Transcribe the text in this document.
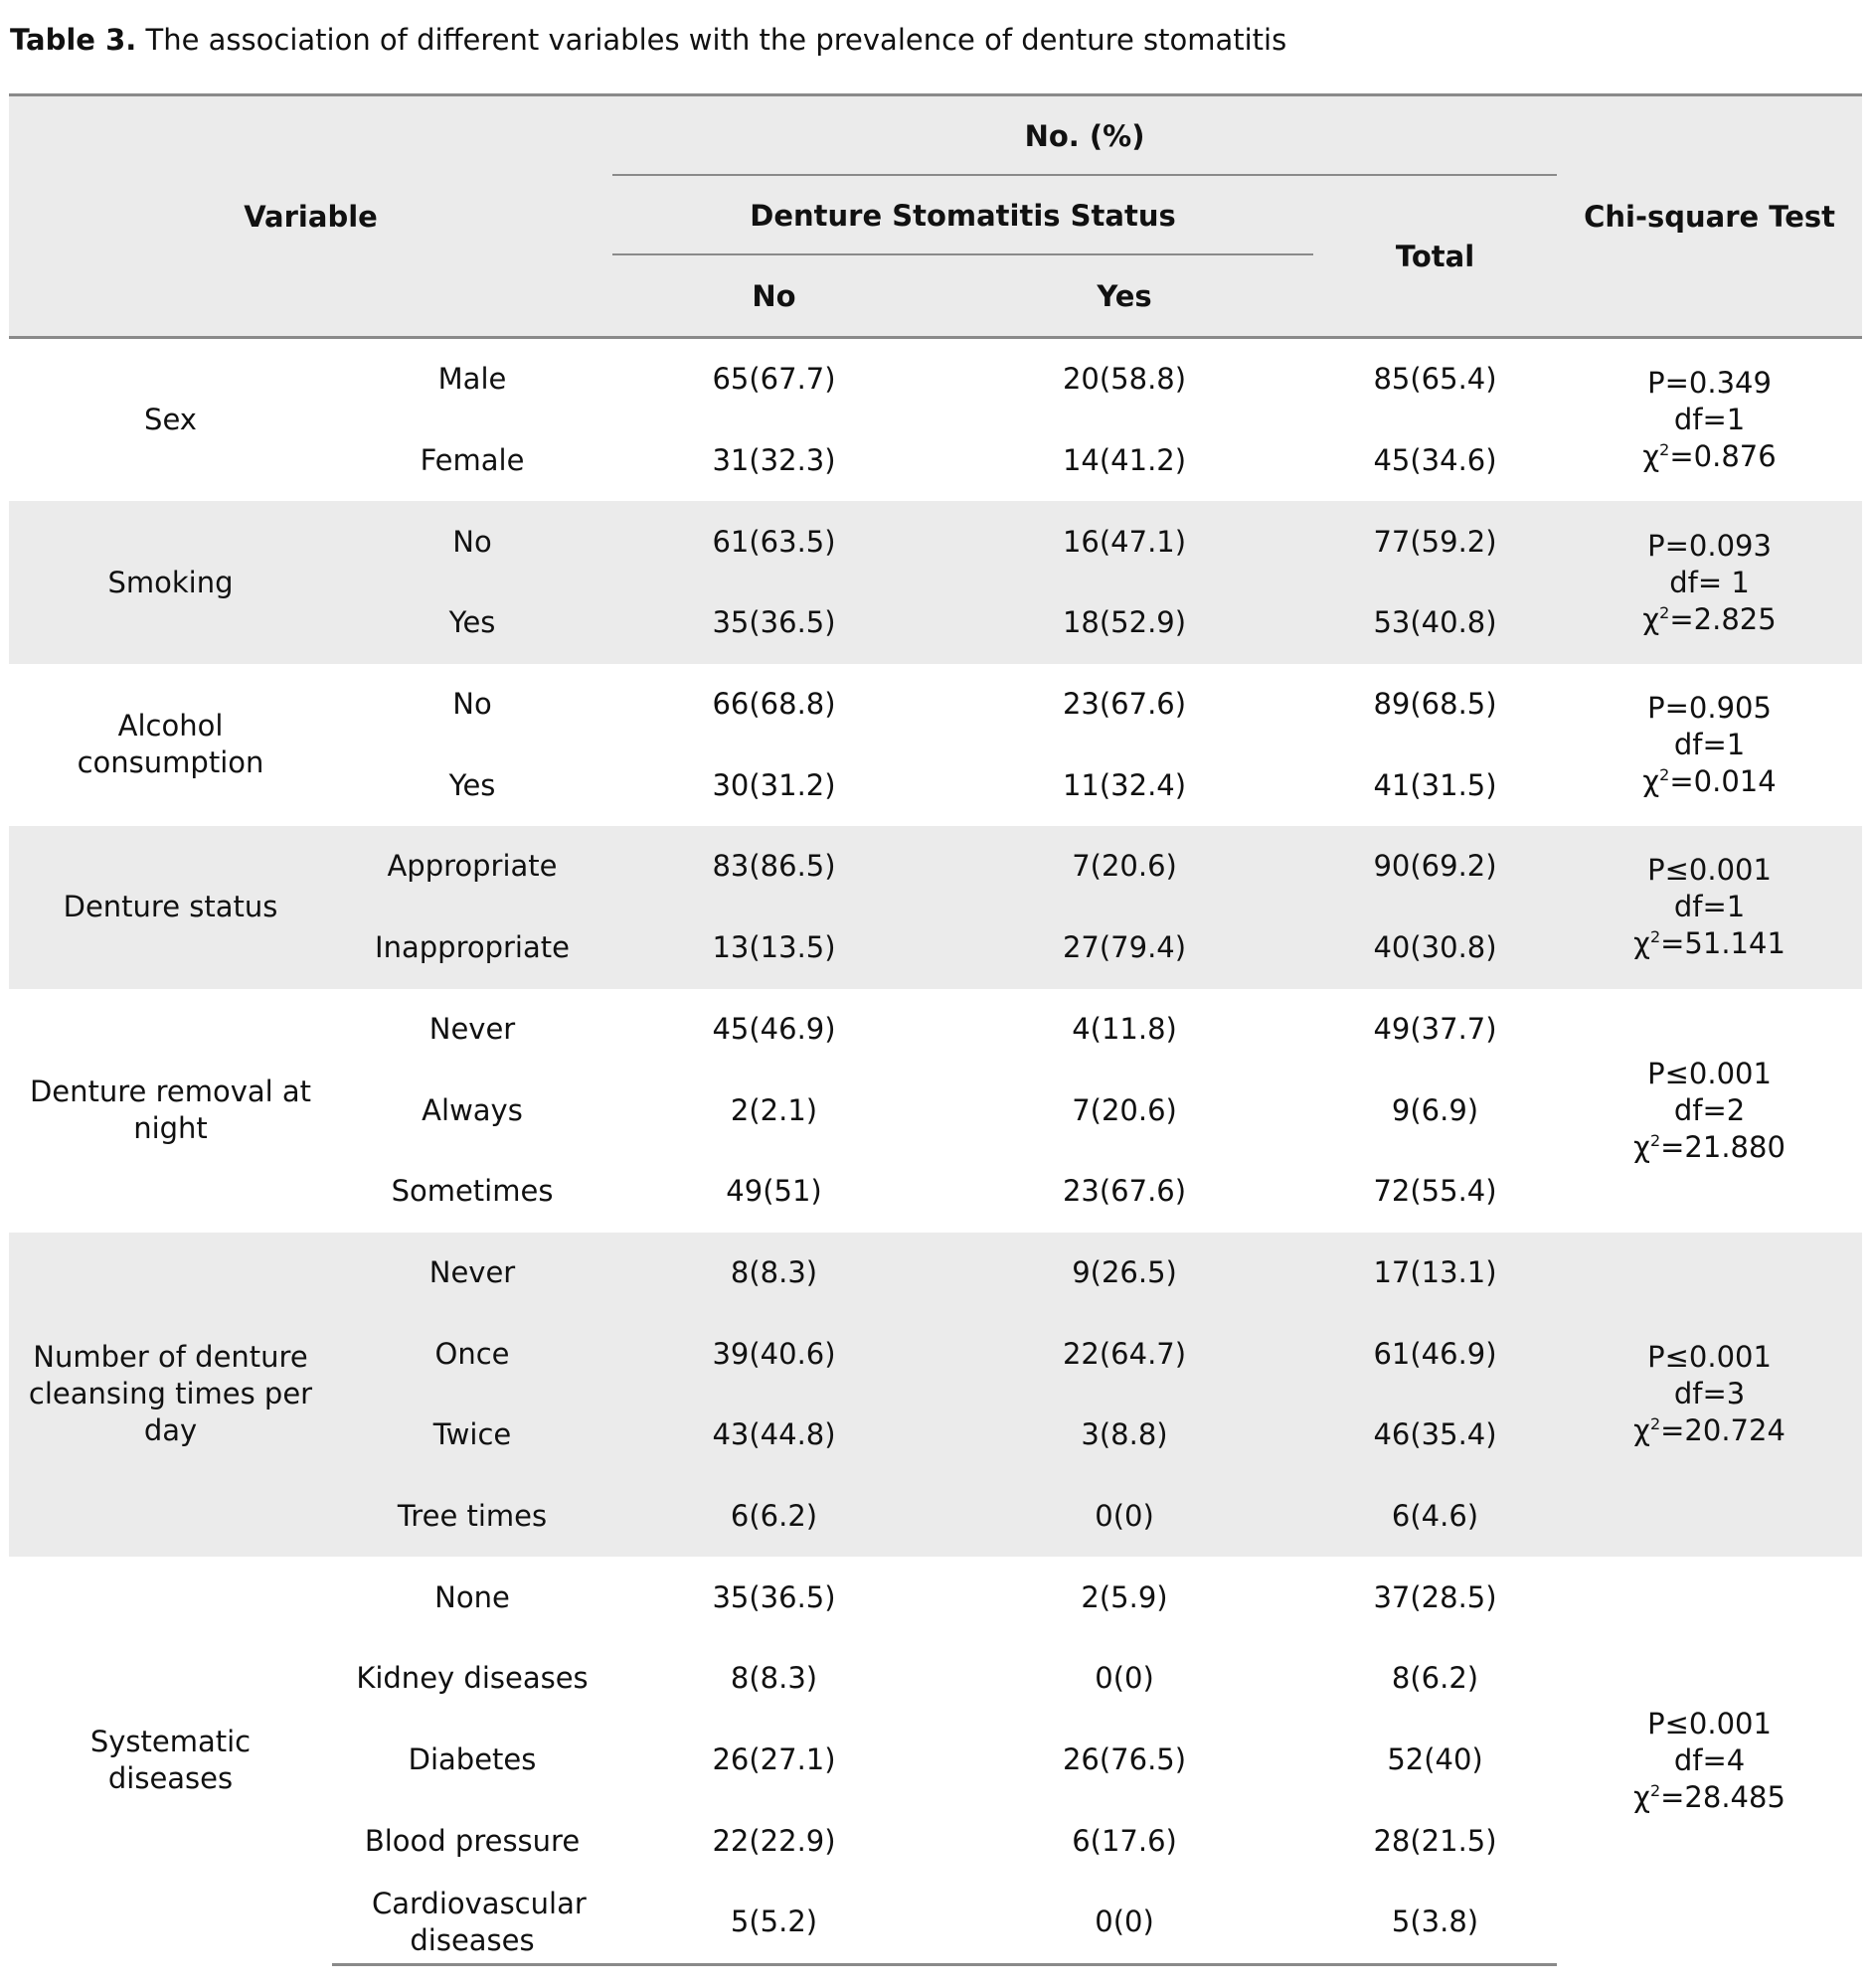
Table 3. The association of different variables with the prevalence of denture stomatitis
Variable		No. (%)			Chi-square Test
		Denture Stomatitis Status		Total	
		No	Yes		
Sex	Male	65(67.7)	20(58.8)	85(65.4)	P=0.349
df=1
$\chi^2=0.876$

	Female	31(32.3)	14(41.2)	45(34.6)	
Smoking	No	61(63.5)	16(47.1)	77(59.2)	P=0.093
df= 1
$\chi^2=2.825$

	Yes	35(36.5)	18(52.9)	53(40.8)	
Alcohol consumption	No	66(68.8)	23(67.6)	89(68.5)	P=0.905
df=1
$\chi^2=0.014$

	Yes	30(31.2)	11(32.4)	41(31.5)	
Denture status	Appropriate	83(86.5)	7(20.6)	90(69.2)	P≤0.001
df=1
$\chi^2=51.141$

	Inappropriate	13(13.5)	27(79.4)	40(30.8)	
Denture removal at night	Never	45(46.9)	4(11.8)	49(37.7)	P≤0.001
df=2
$\chi^2=21.880$

	Always	2(2.1)	7(20.6)	9(6.9)	
	Sometimes	49(51)	23(67.6)	72(55.4)	
Number of denture cleansing times per day	Never	8(8.3)	9(26.5)	17(13.1)	P≤0.001
df=3
$\chi^2=20.724$

	Once	39(40.6)	22(64.7)	61(46.9)	
	Twice	43(44.8)	3(8.8)	46(35.4)	
	Tree times	6(6.2)	0(0)	6(4.6)	
Systematic diseases	None	35(36.5)	2(5.9)	37(28.5)	P≤0.001
df=4
$\chi^2=28.485$

	Kidney diseases	8(8.3)	0(0)	8(6.2)	
	Diabetes	26(27.1)	26(76.5)	52(40)	
	Blood pressure	22(22.9)	6(17.6)	28(21.5)	
	Cardiovascular diseases	5(5.2)	0(0)	5(3.8)	
